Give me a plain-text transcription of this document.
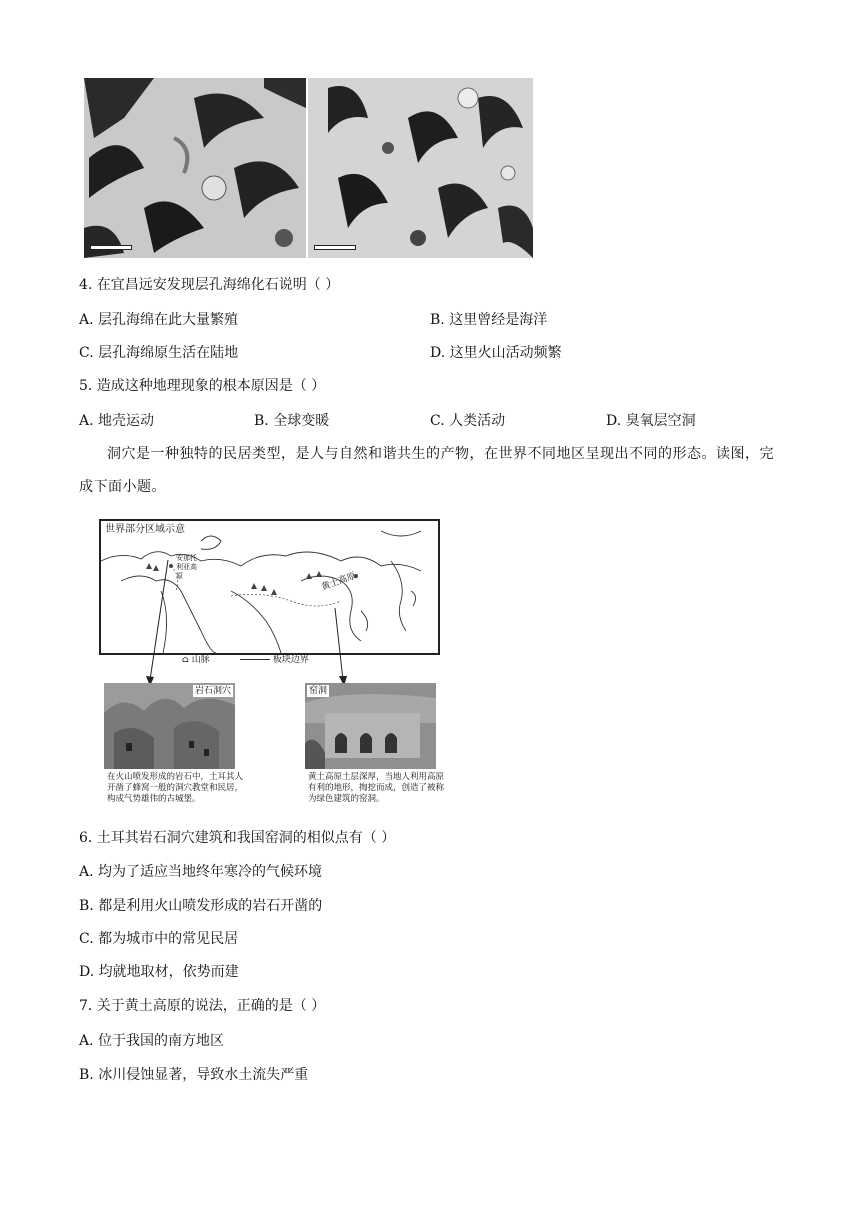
4. 在宜昌远安发现层孔海绵化石说明（ ）
A. 层孔海绵在此大量繁殖	B. 这里曾经是海洋
C. 层孔海绵原生活在陆地	D. 这里火山活动频繁
5. 造成这种地理现象的根本原因是（ ）
A. 地壳运动	B. 全球变暖	C. 人类活动	D. 臭氧层空洞
洞穴是一种独特的民居类型，是人与自然和谐共生的产物，在世界不同地区呈现出不同的形态。读图，完成下面小题。
世界部分区域示意
安那托利亚高原	黄土高原
⌂ 山脉	板块边界
岩石洞穴
在火山喷发形成的岩石中，土耳其人开凿了蜂窝一般的洞穴教堂和民居，构成气势雄伟的古城堡。
窑洞
黄土高原土层深厚，当地人利用高原有利的地形，掏挖而成，创造了被称为绿色建筑的窑洞。
6. 土耳其岩石洞穴建筑和我国窑洞的相似点有（ ）
A. 均为了适应当地终年寒冷的气候环境
B. 都是利用火山喷发形成的岩石开凿的
C. 都为城市中的常见民居
D. 均就地取材，依势而建
7. 关于黄土高原的说法，正确的是（ ）
A. 位于我国的南方地区
B. 冰川侵蚀显著，导致水土流失严重
